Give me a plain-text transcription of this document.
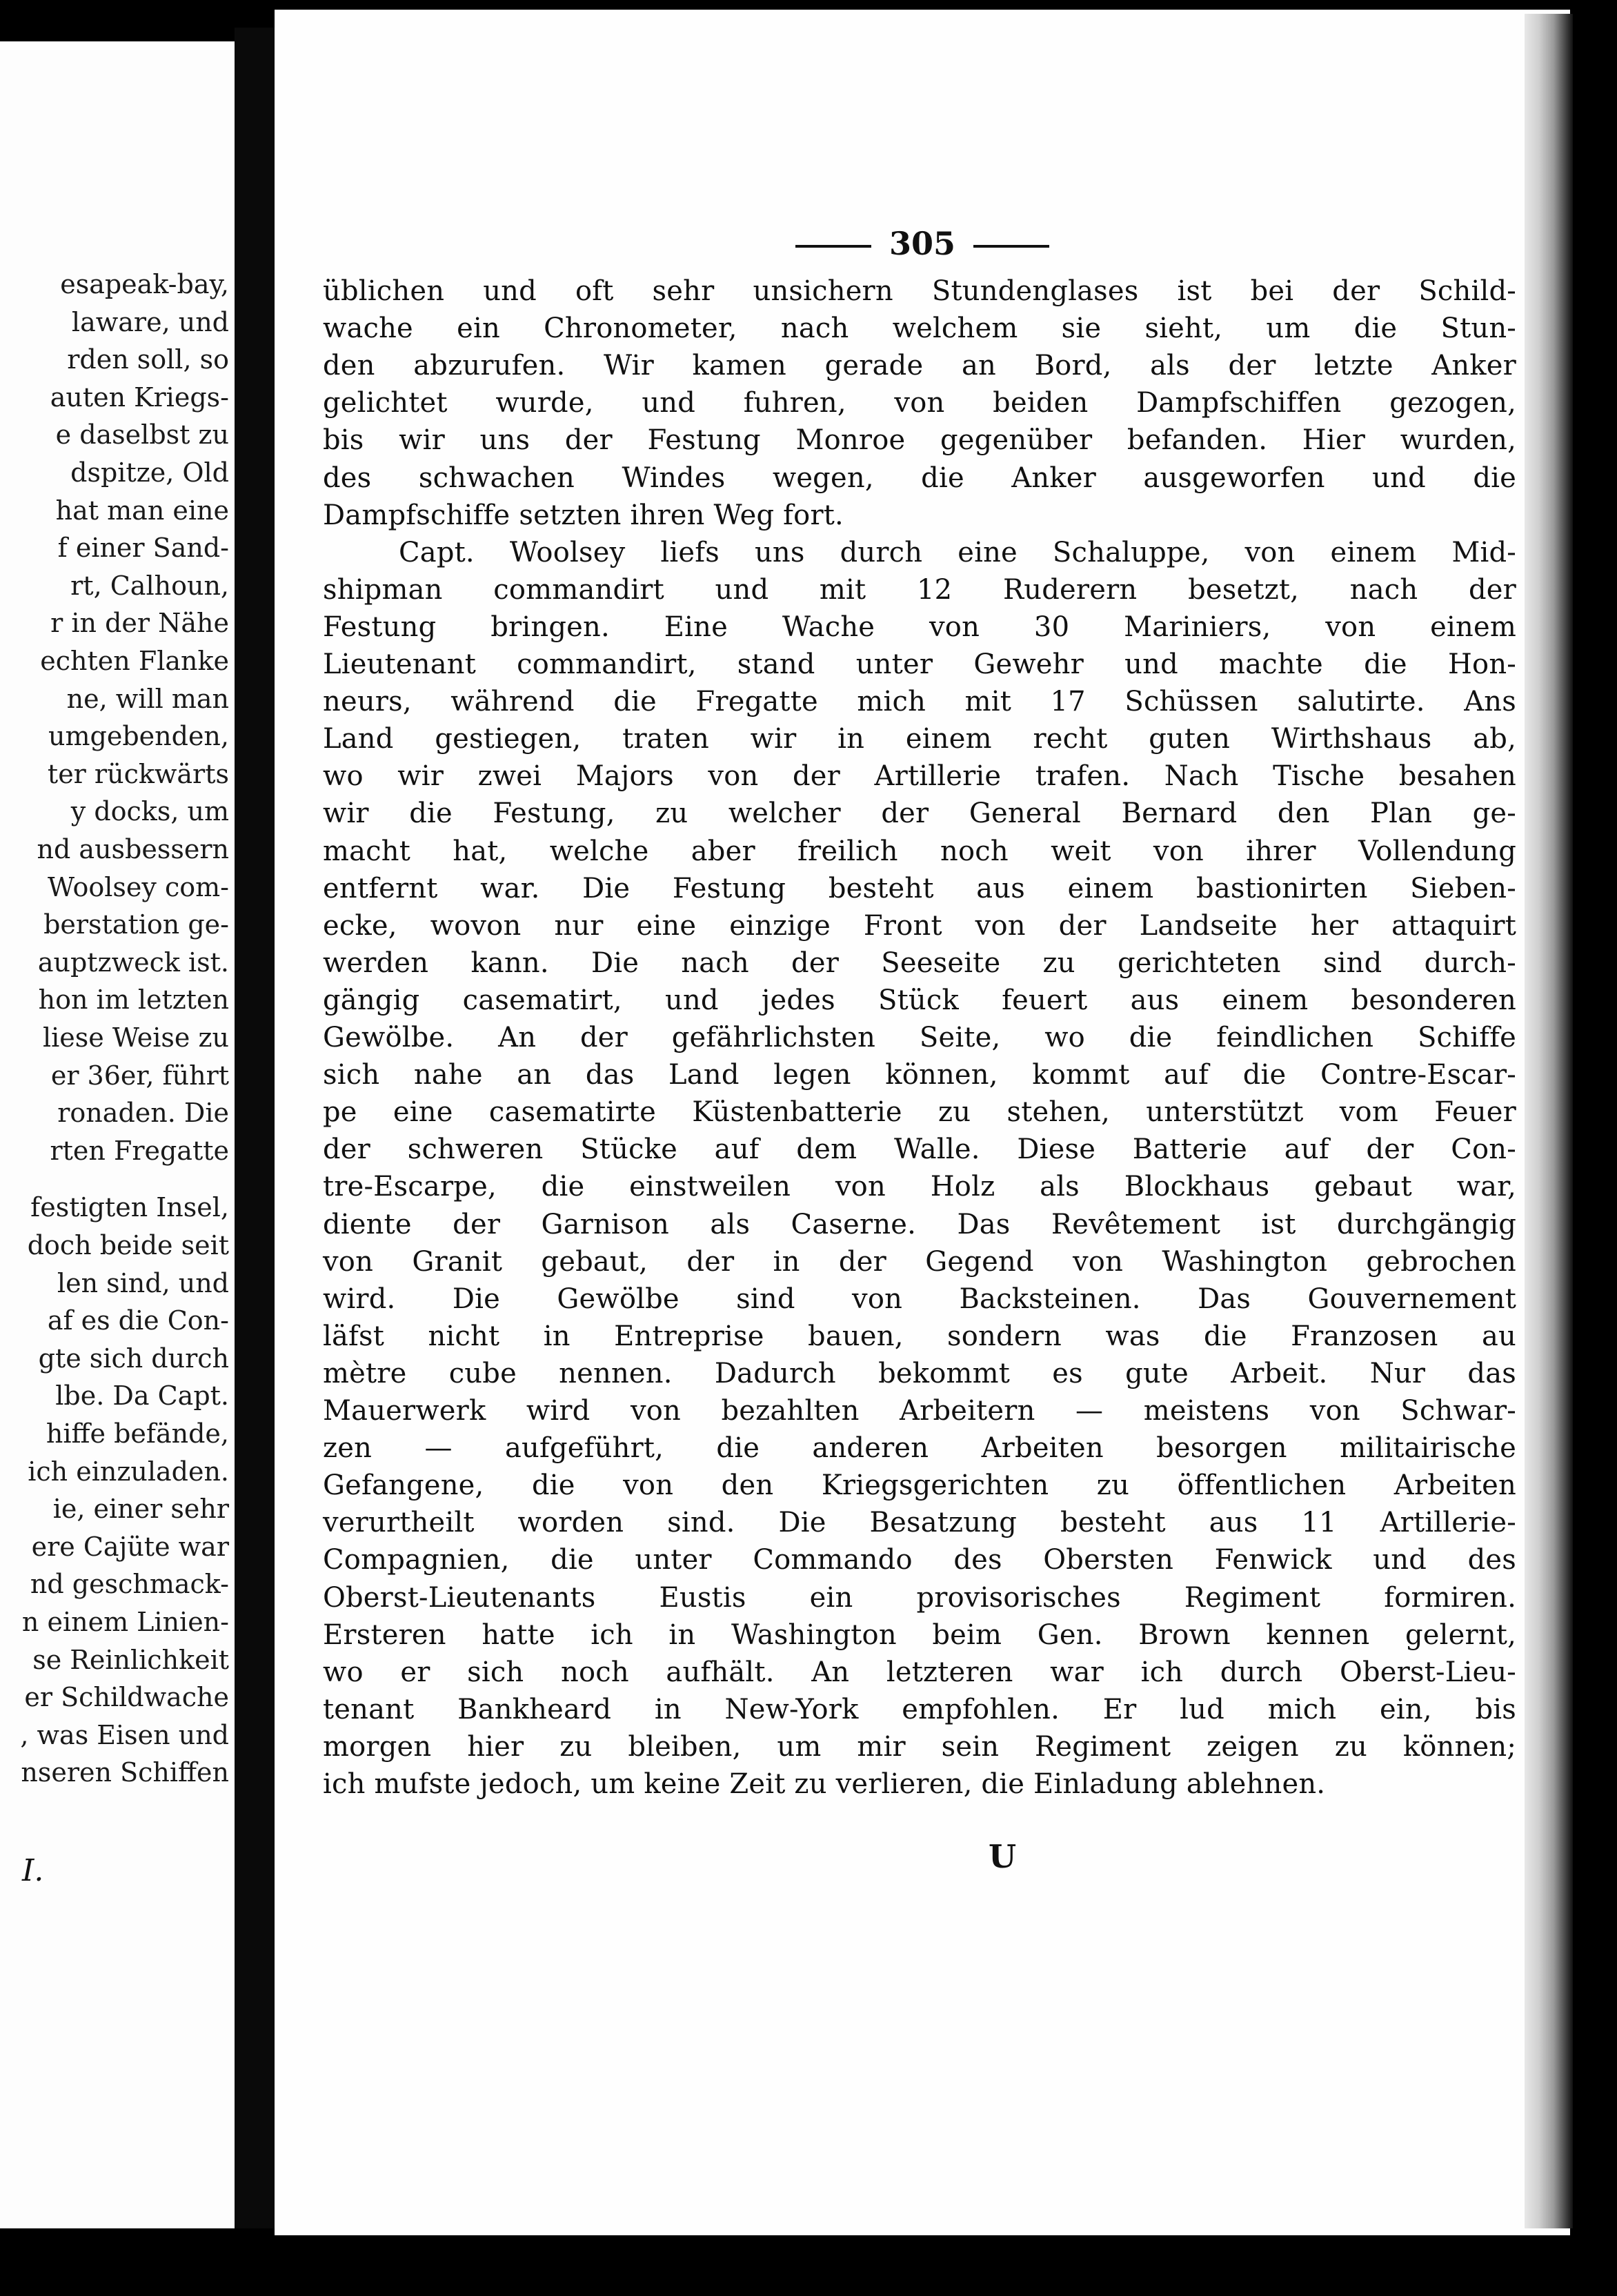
esapeak-bay,
laware, und
rden soll, so
auten Kriegs-
e daselbst zu
dspitze, Old
hat man eine
f einer Sand-
rt, Calhoun,
r in der Nähe
echten Flanke
ne, will man
umgebenden,
ter rückwärts
y docks, um
nd ausbessern
Woolsey com-
berstation ge-
auptzweck ist.
hon im letzten
liese Weise zu
er 36er, führt
ronaden. Die
rten Fregatte
festigten Insel,
doch beide seit
len sind, und
af es die Con-
gte sich durch
lbe. Da Capt.
hiffe befände,
ich einzuladen.
ie, einer sehr
ere Cajüte war
nd geschmack-
n einem Linien-
se Reinlichkeit
er Schildwache
, was Eisen und
nseren Schiffen
I.
305
U
üblichen und oft sehr unsichern Stundenglases ist bei der Schild-
wache ein Chronometer, nach welchem sie sieht, um die Stun-
den abzurufen. Wir kamen gerade an Bord, als der letzte Anker
gelichtet wurde, und fuhren, von beiden Dampfschiffen gezogen,
bis wir uns der Festung Monroe gegenüber befanden. Hier wurden,
des schwachen Windes wegen, die Anker ausgeworfen und die
Dampfschiffe setzten ihren Weg fort.
Capt. Woolsey liefs uns durch eine Schaluppe, von einem Mid-
shipman commandirt und mit 12 Ruderern besetzt, nach der
Festung bringen. Eine Wache von 30 Mariniers, von einem
Lieutenant commandirt, stand unter Gewehr und machte die Hon-
neurs, während die Fregatte mich mit 17 Schüssen salutirte. Ans
Land gestiegen, traten wir in einem recht guten Wirthshaus ab,
wo wir zwei Majors von der Artillerie trafen. Nach Tische besahen
wir die Festung, zu welcher der General Bernard den Plan ge-
macht hat, welche aber freilich noch weit von ihrer Vollendung
entfernt war. Die Festung besteht aus einem bastionirten Sieben-
ecke, wovon nur eine einzige Front von der Landseite her attaquirt
werden kann. Die nach der Seeseite zu gerichteten sind durch-
gängig casematirt, und jedes Stück feuert aus einem besonderen
Gewölbe. An der gefährlichsten Seite, wo die feindlichen Schiffe
sich nahe an das Land legen können, kommt auf die Contre-Escar-
pe eine casematirte Küstenbatterie zu stehen, unterstützt vom Feuer
der schweren Stücke auf dem Walle. Diese Batterie auf der Con-
tre-Escarpe, die einstweilen von Holz als Blockhaus gebaut war,
diente der Garnison als Caserne. Das Revêtement ist durchgängig
von Granit gebaut, der in der Gegend von Washington gebrochen
wird. Die Gewölbe sind von Backsteinen. Das Gouvernement
läfst nicht in Entreprise bauen, sondern was die Franzosen au
mètre cube nennen. Dadurch bekommt es gute Arbeit. Nur das
Mauerwerk wird von bezahlten Arbeitern — meistens von Schwar-
zen — aufgeführt, die anderen Arbeiten besorgen militairische
Gefangene, die von den Kriegsgerichten zu öffentlichen Arbeiten
verurtheilt worden sind. Die Besatzung besteht aus 11 Artillerie-
Compagnien, die unter Commando des Obersten Fenwick und des
Oberst-Lieutenants Eustis ein provisorisches Regiment formiren.
Ersteren hatte ich in Washington beim Gen. Brown kennen gelernt,
wo er sich noch aufhält. An letzteren war ich durch Oberst-Lieu-
tenant Bankheard in New-York empfohlen. Er lud mich ein, bis
morgen hier zu bleiben, um mir sein Regiment zeigen zu können;
ich mufste jedoch, um keine Zeit zu verlieren, die Einladung ablehnen.
